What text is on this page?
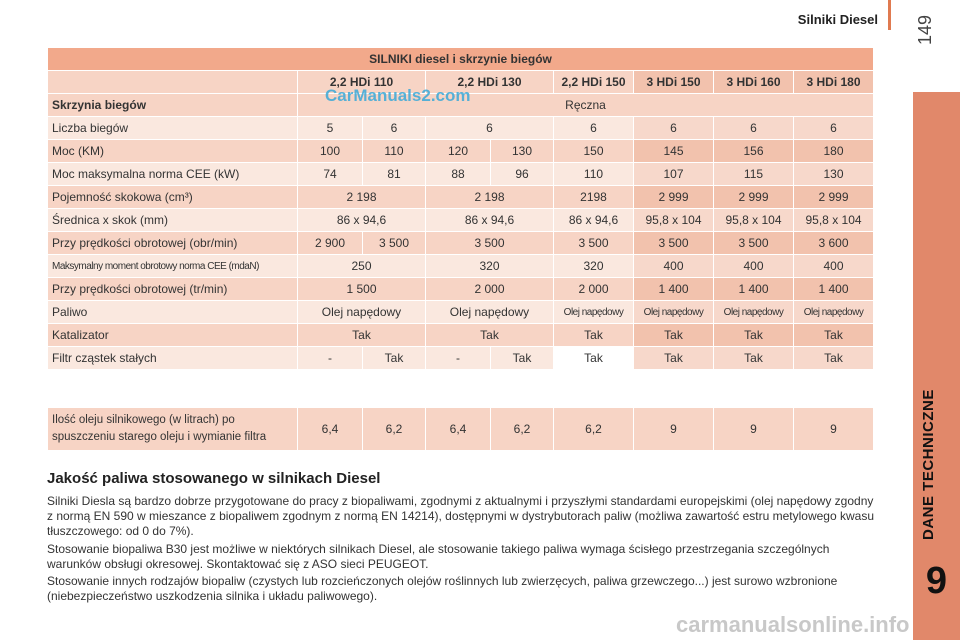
Silniki Diesel 149
DANE TECHNICZNE
9
SILNIKI diesel i skrzynie biegów								
	2,2 HDi 110		2,2 HDi 130		2,2 HDi 150	3 HDi 150	3 HDi 160	3 HDi 180
Skrzynia biegów	Ręczna							
Liczba biegów	5	6	6		6	6	6	6
Moc (KM)	100	110	120	130	150	145	156	180
Moc maksymalna norma CEE (kW)	74	81	88	96	110	107	115	130
Pojemność skokowa (cm³)	2 198		2 198		2198	2 999	2 999	2 999
Średnica x skok (mm)	86 x 94,6		86 x 94,6		86 x 94,6	95,8 x 104	95,8 x 104	95,8 x 104
Przy prędkości obrotowej (obr/min)	2 900	3 500	3 500		3 500	3 500	3 500	3 600
Maksymalny moment obrotowy norma CEE (mdaN)	250		320		320	400	400	400
Przy prędkości obrotowej (tr/min)	1 500		2 000		2 000	1 400	1 400	1 400
Paliwo	Olej napędowy		Olej napędowy		Olej napędowy	Olej napędowy	Olej napędowy	Olej napędowy
Katalizator	Tak		Tak		Tak	Tak	Tak	Tak
Filtr cząstek stałych	-	Tak	-	Tak	Tak	Tak	Tak	Tak
Ilość oleju silnikowego (w litrach) po spuszczeniu starego oleju i wymianie filtra	6,4	6,2	6,4	6,2	6,2	9	9	9
CarManuals2.com
Jakość paliwa stosowanego w silnikach Diesel

Silniki Diesla są bardzo dobrze przygotowane do pracy z biopaliwami, zgodnymi z aktualnymi i przyszłymi standardami europejskimi (olej napędowy zgodny z normą EN 590 w mieszance z biopaliwem zgodnym z normą EN 14214), dostępnymi w dystrybutorach paliw (możliwa zawartość estru metylowego kwasu tłuszczowego: od 0 do 7%).

Stosowanie biopaliwa B30 jest możliwe w niektórych silnikach Diesel, ale stosowanie takiego paliwa wymaga ścisłego przestrzegania szczególnych warunków obsługi okresowej. Skontaktować się z ASO sieci PEUGEOT.

Stosowanie innych rodzajów biopaliw (czystych lub rozcieńczonych olejów roślinnych lub zwierzęcych, paliwa grzewczego...) jest surowo wzbronione (niebezpieczeństwo uszkodzenia silnika i układu paliwowego).

carmanualsonline.info
